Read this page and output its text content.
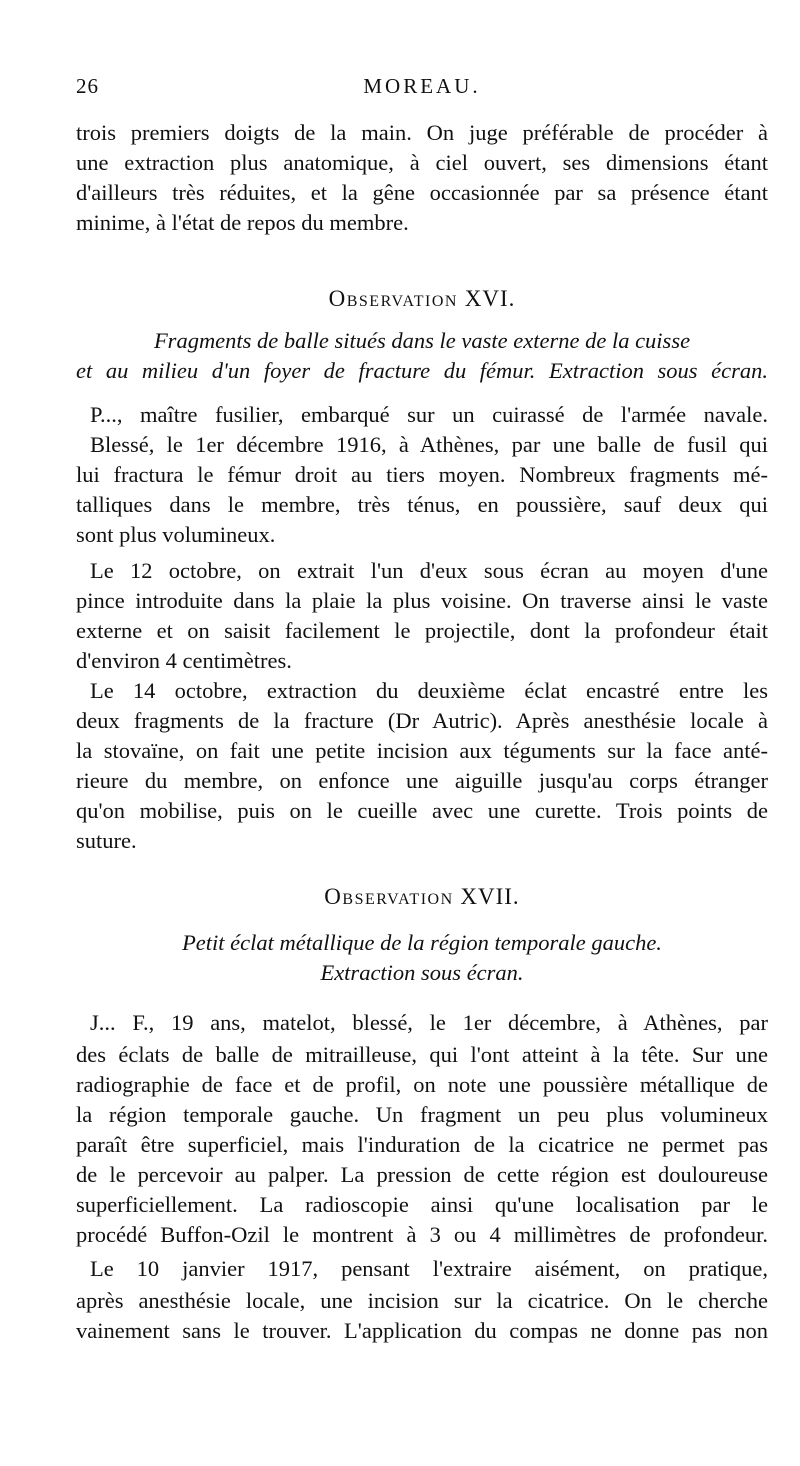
26	MOREAU.

trois premiers doigts de la main. On juge préférable de procéder à

une extraction plus anatomique, à ciel ouvert, ses dimensions étant

d'ailleurs très réduites, et la gêne occasionnée par sa présence étant

minime, à l'état de repos du membre.

Observation XVI.

Fragments de balle situés dans le vaste externe de la cuisse

et au milieu d'un foyer de fracture du fémur. Extraction sous écran.

P..., maître fusilier, embarqué sur un cuirassé de l'armée navale.

Blessé, le 1er décembre 1916, à Athènes, par une balle de fusil qui

lui fractura le fémur droit au tiers moyen. Nombreux fragments mé-

talliques dans le membre, très ténus, en poussière, sauf deux qui

sont plus volumineux.

Le 12 octobre, on extrait l'un d'eux sous écran au moyen d'une

pince introduite dans la plaie la plus voisine. On traverse ainsi le vaste

externe et on saisit facilement le projectile, dont la profondeur était

d'environ 4 centimètres.

Le 14 octobre, extraction du deuxième éclat encastré entre les

deux fragments de la fracture (Dr Autric). Après anesthésie locale à

la stovaïne, on fait une petite incision aux téguments sur la face anté-

rieure du membre, on enfonce une aiguille jusqu'au corps étranger

qu'on mobilise, puis on le cueille avec une curette. Trois points de

suture.

Observation XVII.

Petit éclat métallique de la région temporale gauche.

Extraction sous écran.

J... F., 19 ans, matelot, blessé, le 1er décembre, à Athènes, par

des éclats de balle de mitrailleuse, qui l'ont atteint à la tête. Sur une

radiographie de face et de profil, on note une poussière métallique de

la région temporale gauche. Un fragment un peu plus volumineux

paraît être superficiel, mais l'induration de la cicatrice ne permet pas

de le percevoir au palper. La pression de cette région est douloureuse

superficiellement. La radioscopie ainsi qu'une localisation par le

procédé Buffon-Ozil le montrent à 3 ou 4 millimètres de profondeur.

Le 10 janvier 1917, pensant l'extraire aisément, on pratique,

après anesthésie locale, une incision sur la cicatrice. On le cherche

vainement sans le trouver. L'application du compas ne donne pas non
